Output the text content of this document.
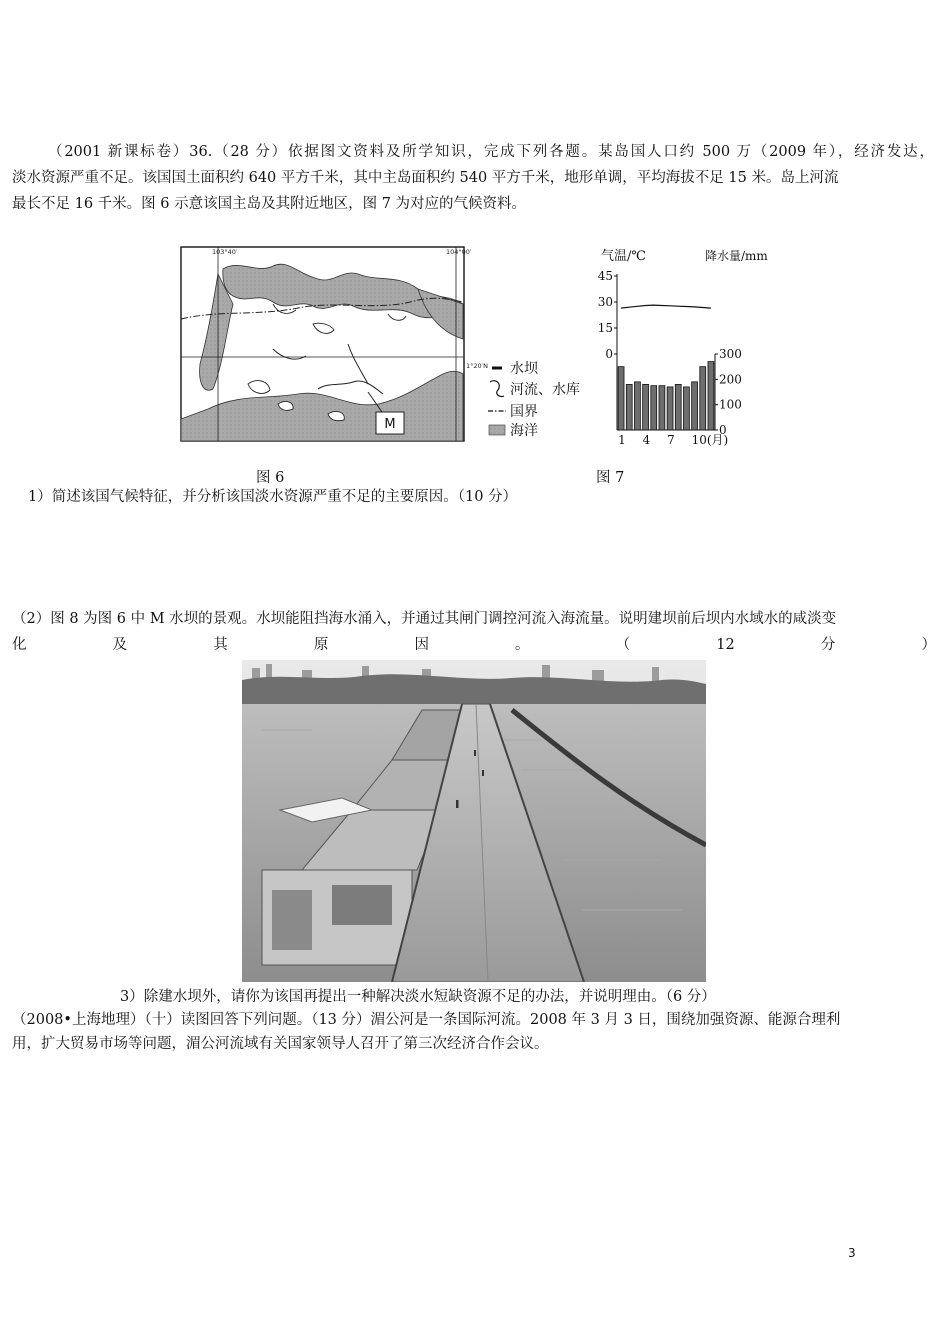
（2001 新课标卷）36.（28 分）依据图文资料及所学知识，完成下列各题。某岛国人口约 500 万（2009 年），经济发达，

淡水资源严重不足。该国国土面积约 640 平方千米，其中主岛面积约 540 平方千米，地形单调，平均海拔不足 15 米。岛上河流

最长不足 16 千米。图 6 示意该国主岛及其附近地区，图 7 为对应的气候资料。

103°40′	104°00′
1°20′N
M
水坝
河流、水库
国界
海洋
气温/℃	降水量/mm
45
30
15
0	300
200
100
0
1 4 7 10(月)
图 6	图 7

1）简述该国气候特征，并分析该国淡水资源严重不足的主要原因。（10 分）

（2）图 8 为图 6 中 M 水坝的景观。水坝能阻挡海水涌入，并通过其闸门调控河流入海流量。说明建坝前后坝内水域水的咸淡变

化	及	其	原	因	。	（	12	分	）

3）除建水坝外，请你为该国再提出一种解决淡水短缺资源不足的办法，并说明理由。（6 分）

（2008•上海地理）（十）读图回答下列问题。（13 分）湄公河是一条国际河流。2008 年 3 月 3 日，围绕加强资源、能源合理利

用，扩大贸易市场等问题，湄公河流域有关国家领导人召开了第三次经济合作会议。

3
